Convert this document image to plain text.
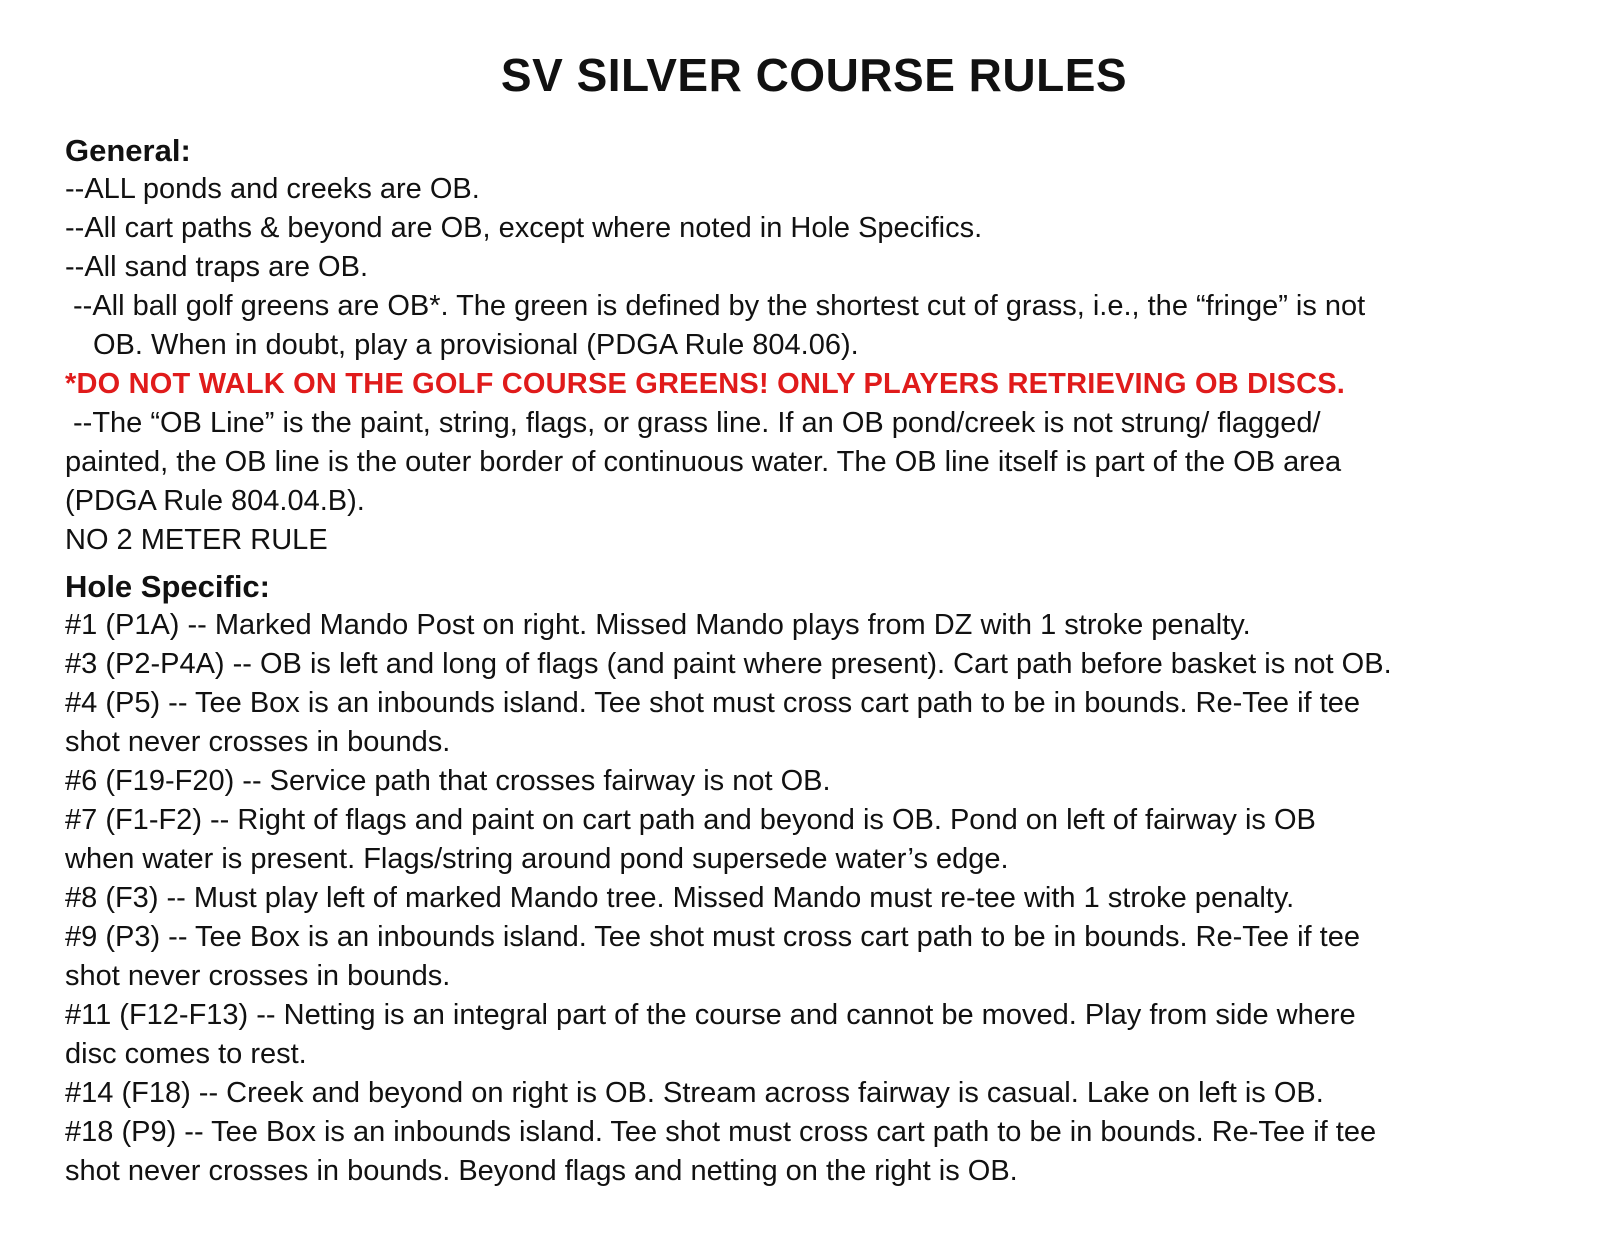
SV SILVER COURSE RULES

General:

--ALL ponds and creeks are OB.

--All cart paths & beyond are OB, except where noted in Hole Specifics.

--All sand traps are OB.

--All ball golf greens are OB*. The green is defined by the shortest cut of grass, i.e., the “fringe” is not

OB. When in doubt, play a provisional (PDGA Rule 804.06).

*DO NOT WALK ON THE GOLF COURSE GREENS! ONLY PLAYERS RETRIEVING OB DISCS.

--The “OB Line” is the paint, string, flags, or grass line. If an OB pond/creek is not strung/ flagged/

painted, the OB line is the outer border of continuous water. The OB line itself is part of the OB area

(PDGA Rule 804.04.B).

NO 2 METER RULE

Hole Specific:

#1 (P1A) -- Marked Mando Post on right. Missed Mando plays from DZ with 1 stroke penalty.

#3 (P2-P4A) -- OB is left and long of flags (and paint where present). Cart path before basket is not OB.

#4 (P5) -- Tee Box is an inbounds island. Tee shot must cross cart path to be in bounds. Re-Tee if tee

shot never crosses in bounds.

#6 (F19-F20) -- Service path that crosses fairway is not OB.

#7 (F1-F2) -- Right of flags and paint on cart path and beyond is OB. Pond on left of fairway is OB

when water is present. Flags/string around pond supersede water’s edge.

#8 (F3) -- Must play left of marked Mando tree. Missed Mando must re-tee with 1 stroke penalty.

#9 (P3) -- Tee Box is an inbounds island. Tee shot must cross cart path to be in bounds. Re-Tee if tee

shot never crosses in bounds.

#11 (F12-F13) -- Netting is an integral part of the course and cannot be moved. Play from side where

disc comes to rest.

#14 (F18) -- Creek and beyond on right is OB. Stream across fairway is casual. Lake on left is OB.

#18 (P9) -- Tee Box is an inbounds island. Tee shot must cross cart path to be in bounds. Re-Tee if tee

shot never crosses in bounds. Beyond flags and netting on the right is OB.
